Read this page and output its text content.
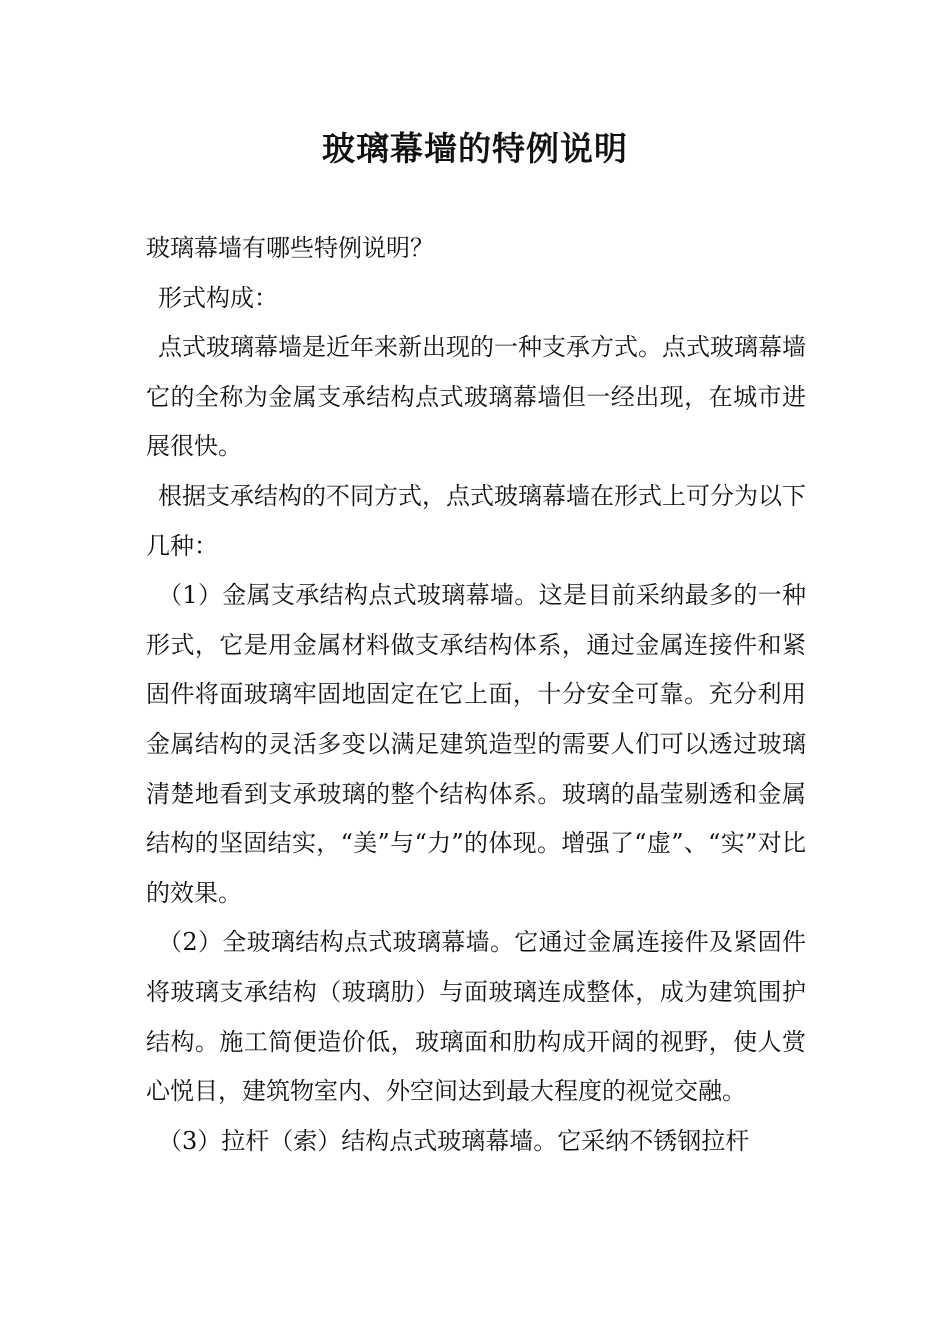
玻璃幕墙的特例说明

玻璃幕墙有哪些特例说明？

形式构成：

点式玻璃幕墙是近年来新出现的一种支承方式。点式玻璃幕墙它的全称为金属支承结构点式玻璃幕墙但一经出现，在城市进展很快。

根据支承结构的不同方式，点式玻璃幕墙在形式上可分为以下几种：

（1）金属支承结构点式玻璃幕墙。这是目前采纳最多的一种形式，它是用金属材料做支承结构体系，通过金属连接件和紧固件将面玻璃牢固地固定在它上面，十分安全可靠。充分利用金属结构的灵活多变以满足建筑造型的需要人们可以透过玻璃清楚地看到支承玻璃的整个结构体系。玻璃的晶莹剔透和金属结构的坚固结实，“美”与“力”的体现。增强了“虚”、“实”对比的效果。

（2）全玻璃结构点式玻璃幕墙。它通过金属连接件及紧固件将玻璃支承结构（玻璃肋）与面玻璃连成整体，成为建筑围护结构。施工简便造价低，玻璃面和肋构成开阔的视野，使人赏心悦目，建筑物室内、外空间达到最大程度的视觉交融。

（3）拉杆（索）结构点式玻璃幕墙。它采纳不锈钢拉杆
